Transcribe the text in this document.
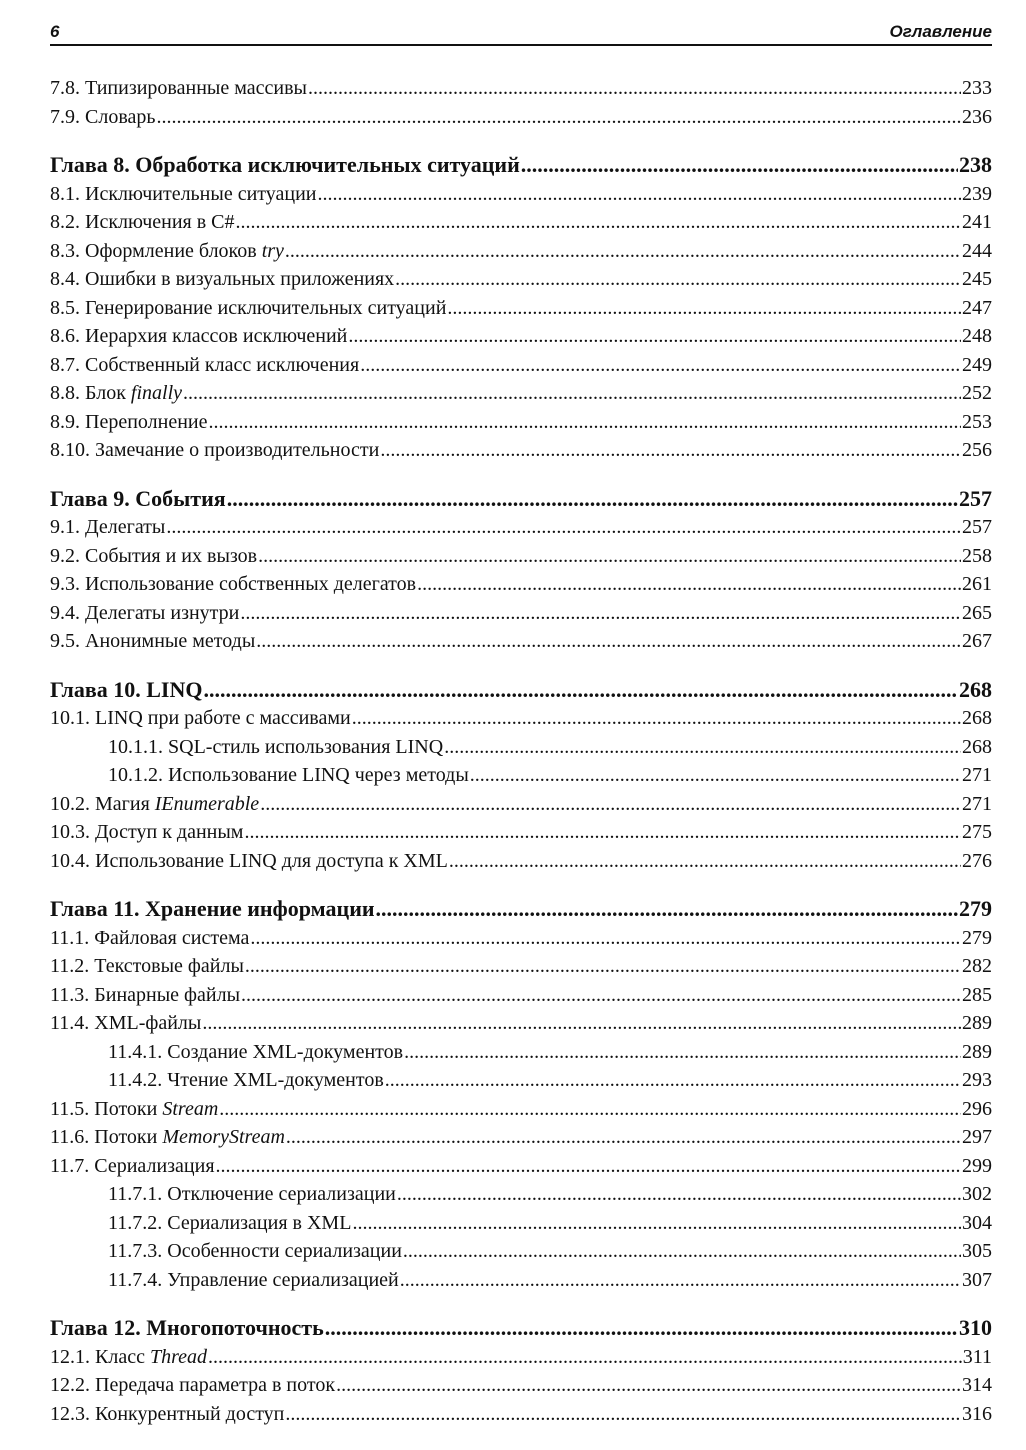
6	Оглавление
7.8. Типизированные массивы .....	233
7.9. Словарь .....	236
Глава 8. Обработка исключительных ситуаций .....	238
8.1. Исключительные ситуации .....	239
8.2. Исключения в C# .....	241
8.3. Оформление блоков try .....	244
8.4. Ошибки в визуальных приложениях .....	245
8.5. Генерирование исключительных ситуаций .....	247
8.6. Иерархия классов исключений .....	248
8.7. Собственный класс исключения .....	249
8.8. Блок finally .....	252
8.9. Переполнение .....	253
8.10. Замечание о производительности .....	256
Глава 9. События .....	257
9.1. Делегаты .....	257
9.2. События и их вызов .....	258
9.3. Использование собственных делегатов .....	261
9.4. Делегаты изнутри .....	265
9.5. Анонимные методы .....	267
Глава 10. LINQ .....	268
10.1. LINQ при работе с массивами .....	268
10.1.1. SQL-стиль использования LINQ .....	268
10.1.2. Использование LINQ через методы .....	271
10.2. Магия IEnumerable .....	271
10.3. Доступ к данным .....	275
10.4. Использование LINQ для доступа к XML .....	276
Глава 11. Хранение информации .....	279
11.1. Файловая система .....	279
11.2. Текстовые файлы .....	282
11.3. Бинарные файлы .....	285
11.4. XML-файлы .....	289
11.4.1. Создание XML-документов .....	289
11.4.2. Чтение XML-документов .....	293
11.5. Потоки Stream .....	296
11.6. Потоки MemoryStream .....	297
11.7. Сериализация .....	299
11.7.1. Отключение сериализации .....	302
11.7.2. Сериализация в XML .....	304
11.7.3. Особенности сериализации .....	305
11.7.4. Управление сериализацией .....	307
Глава 12. Многопоточность .....	310
12.1. Класс Thread .....	311
12.2. Передача параметра в поток .....	314
12.3. Конкурентный доступ .....	316
